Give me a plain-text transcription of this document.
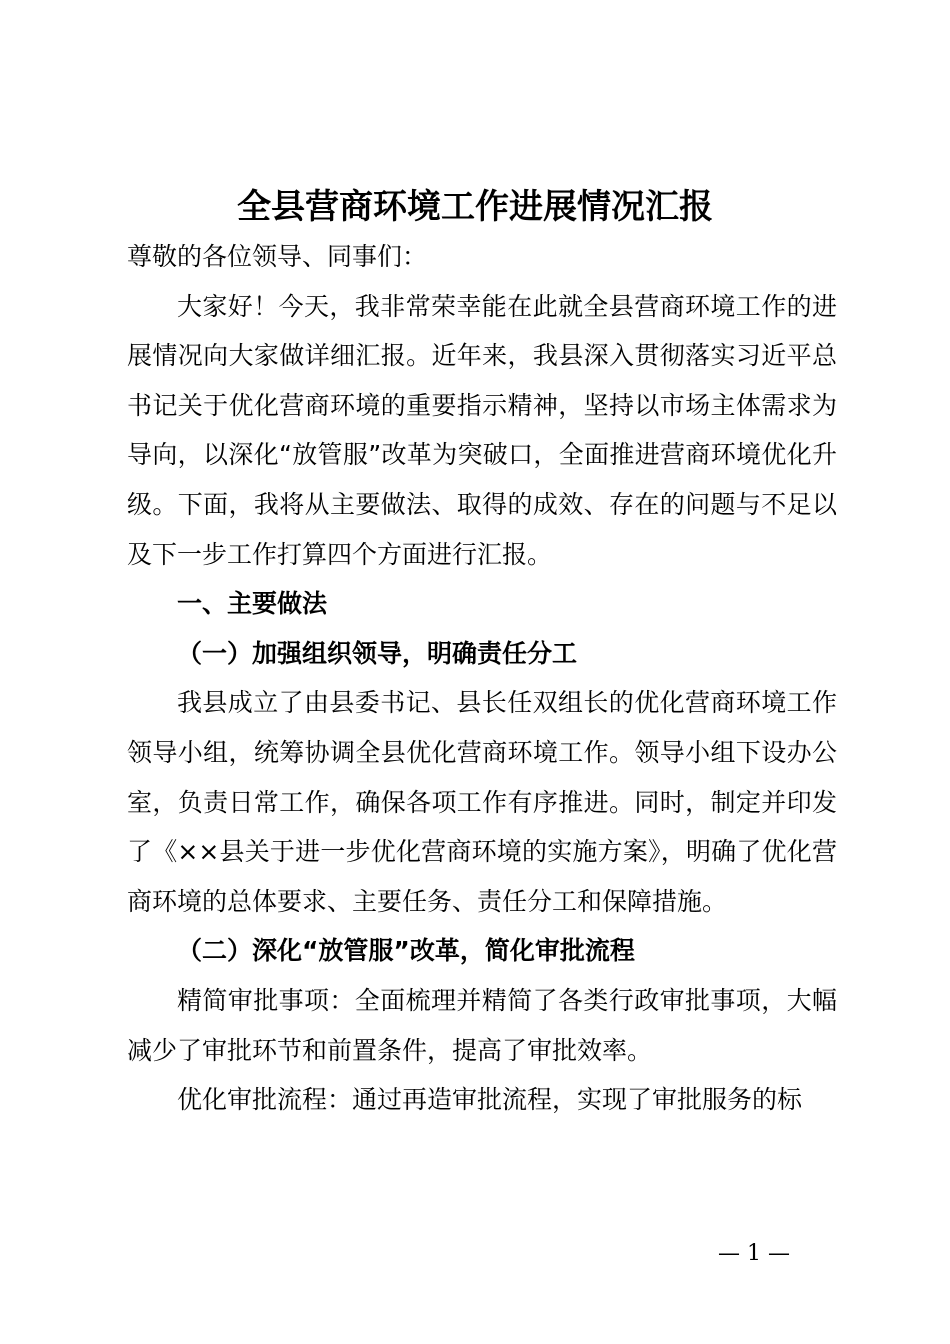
全县营商环境工作进展情况汇报

尊敬的各位领导、同事们：

大家好！今天，我非常荣幸能在此就全县营商环境工作的进展情况向大家做详细汇报。近年来，我县深入贯彻落实习近平总书记关于优化营商环境的重要指示精神，坚持以市场主体需求为导向，以深化“放管服”改革为突破口，全面推进营商环境优化升级。下面，我将从主要做法、取得的成效、存在的问题与不足以及下一步工作打算四个方面进行汇报。

一、主要做法

（一）加强组织领导，明确责任分工

我县成立了由县委书记、县长任双组长的优化营商环境工作领导小组，统筹协调全县优化营商环境工作。领导小组下设办公室，负责日常工作，确保各项工作有序推进。同时，制定并印发了《××县关于进一步优化营商环境的实施方案》，明确了优化营商环境的总体要求、主要任务、责任分工和保障措施。

（二）深化“放管服”改革，简化审批流程

精简审批事项：全面梳理并精简了各类行政审批事项，大幅减少了审批环节和前置条件，提高了审批效率。

优化审批流程：通过再造审批流程，实现了审批服务的标

— 1 —
